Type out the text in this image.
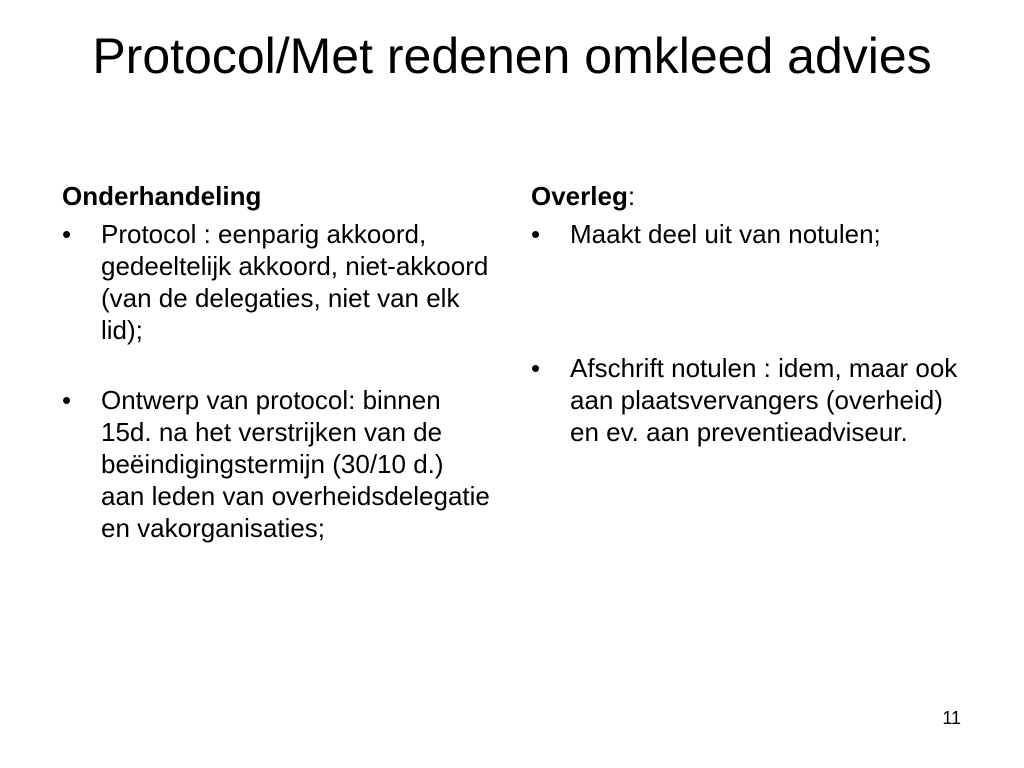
Protocol/Met redenen omkleed advies
Onderhandeling
• Protocol : eenparig akkoord, gedeeltelijk akkoord, niet-akkoord (van de delegaties, niet van elk lid);
• Ontwerp van protocol: binnen 15d. na het verstrijken van de beëindigingstermijn (30/10 d.) aan leden van overheidsdelegatie en vakorganisaties;
Overleg:
• Maakt deel uit van notulen;
• Afschrift notulen : idem, maar ook aan plaatsvervangers (overheid) en ev. aan preventieadviseur.
11
